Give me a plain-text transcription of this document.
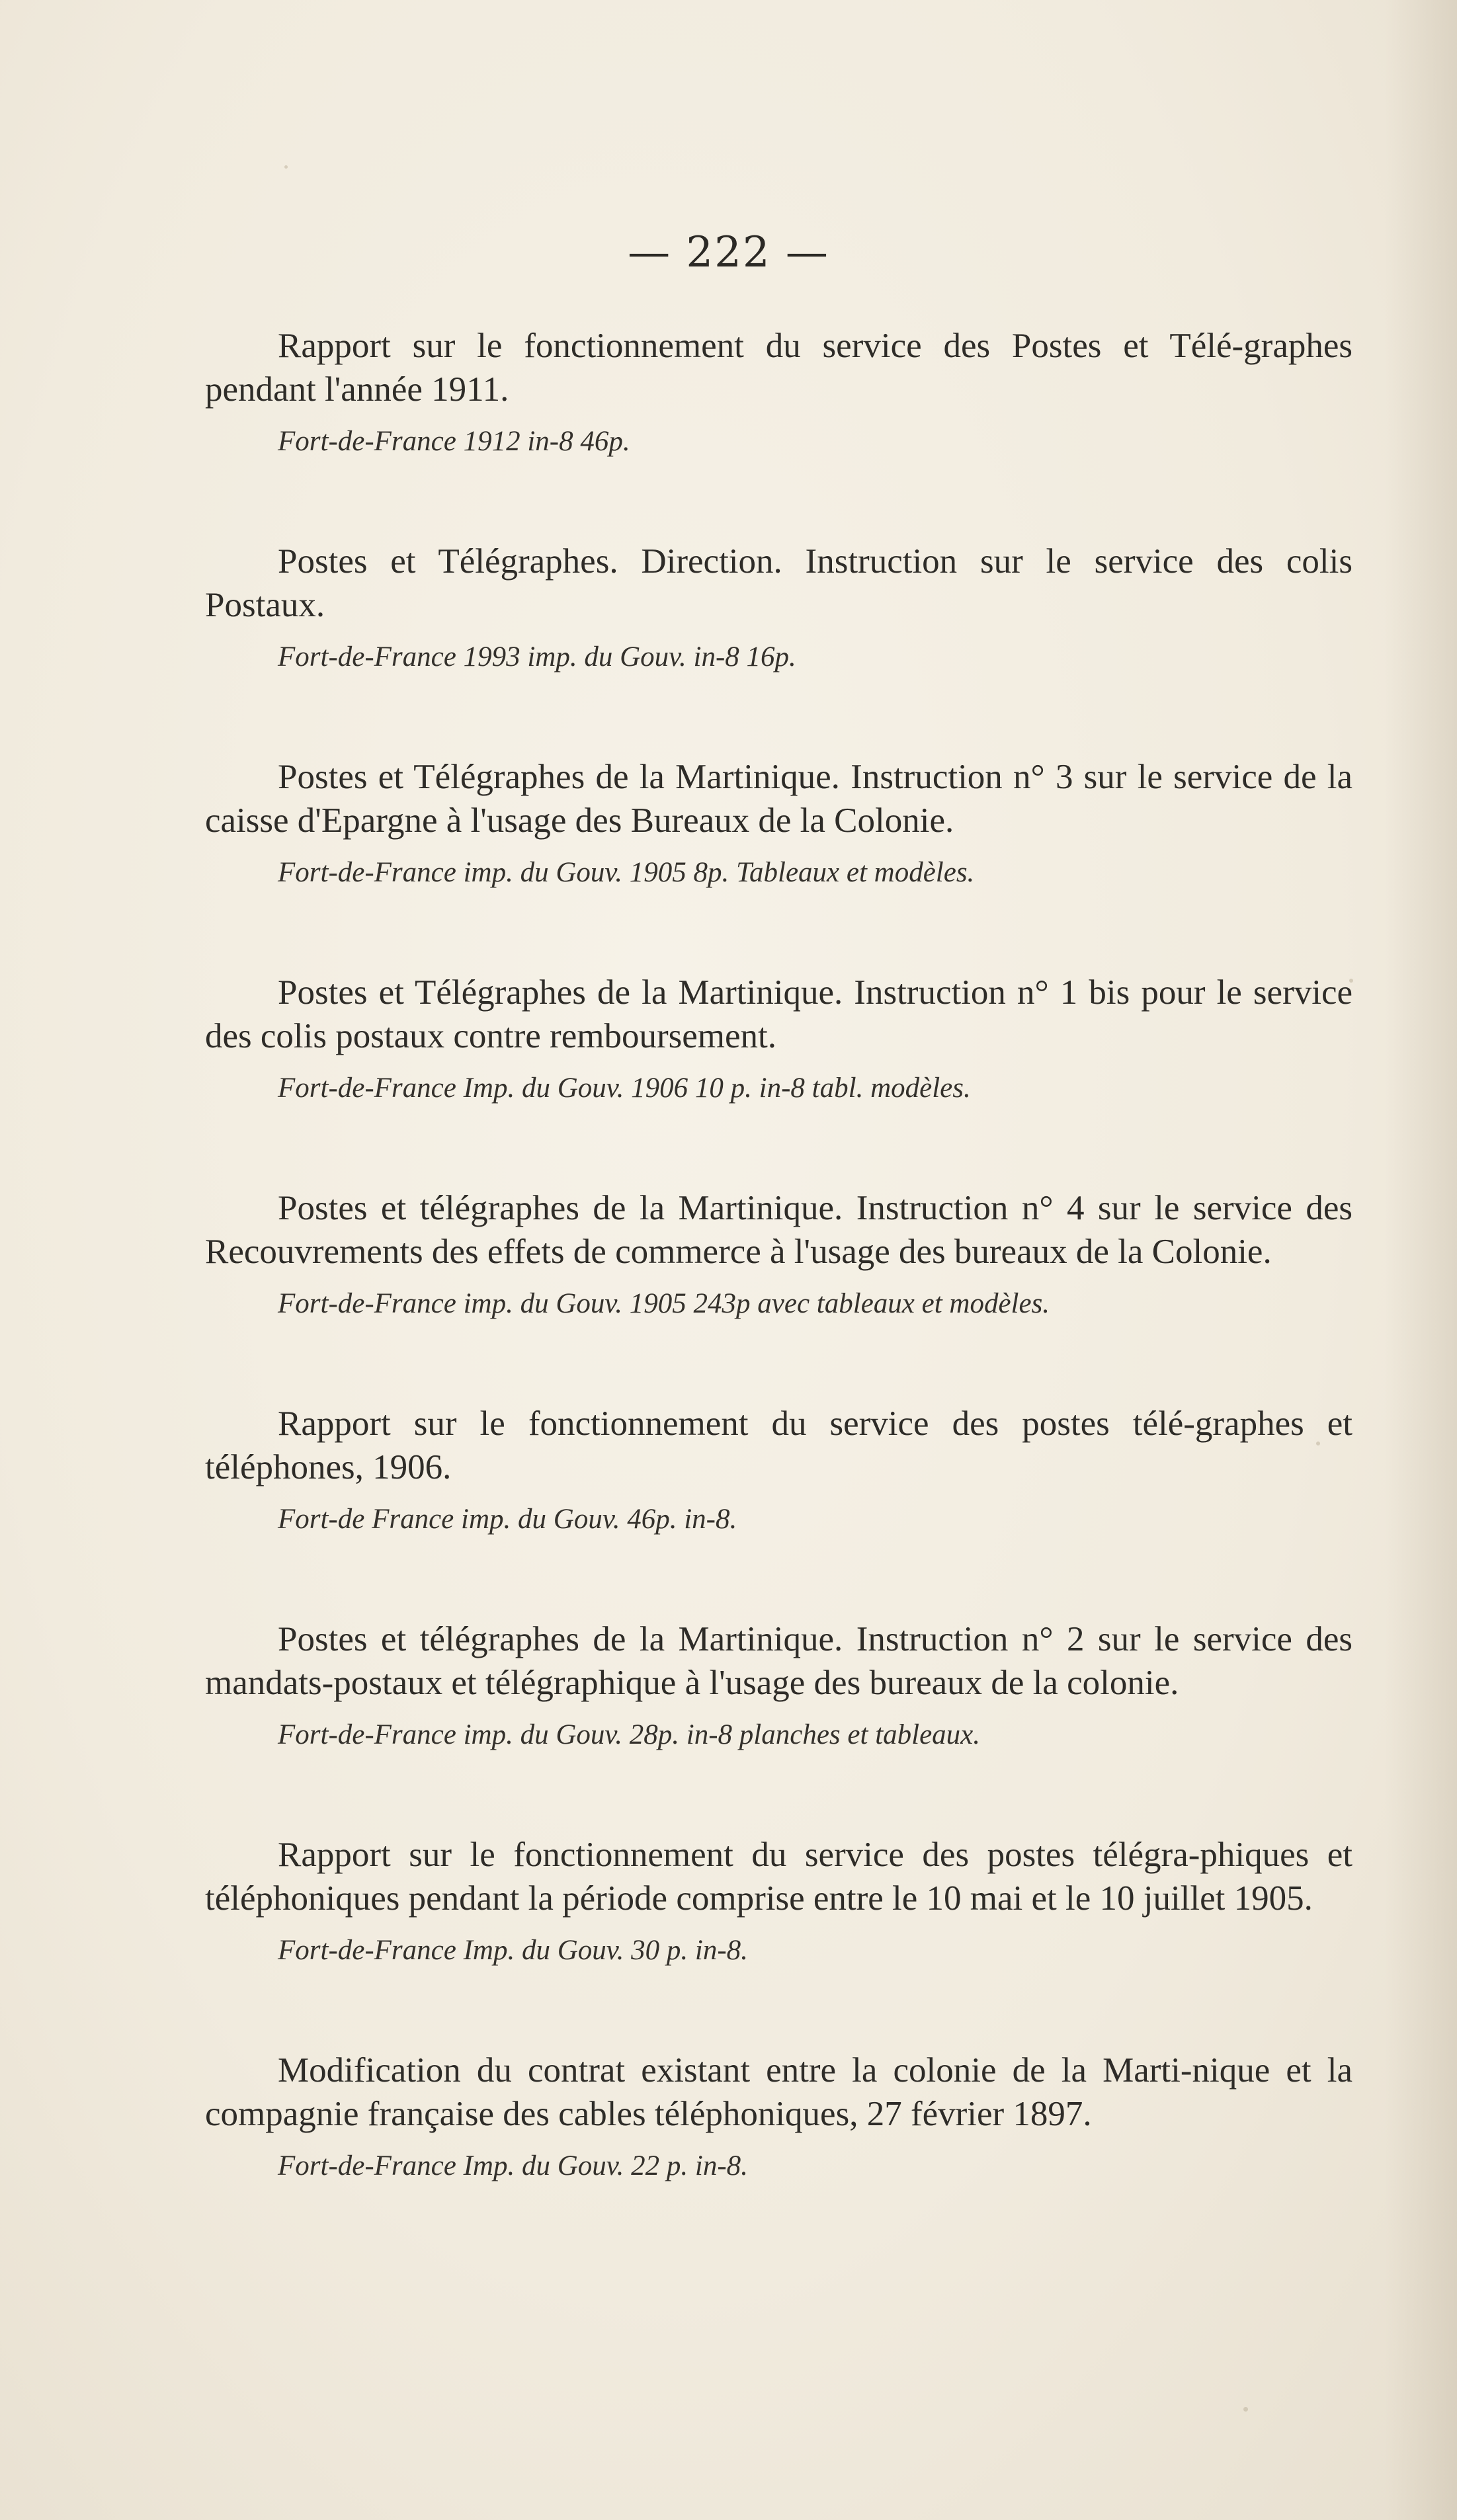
— 222 —

Rapport sur le fonctionnement du service des Postes et Télé-graphes pendant l'année 1911.

Fort-de-France 1912 in-8 46p.

Postes et Télégraphes. Direction. Instruction sur le service des colis Postaux.

Fort-de-France 1993 imp. du Gouv. in-8 16p.

Postes et Télégraphes de la Martinique. Instruction n° 3 sur le service de la caisse d'Epargne à l'usage des Bureaux de la Colonie.

Fort-de-France imp. du Gouv. 1905 8p. Tableaux et modèles.

Postes et Télégraphes de la Martinique. Instruction n° 1 bis pour le service des colis postaux contre remboursement.

Fort-de-France Imp. du Gouv. 1906 10 p. in-8 tabl. modèles.

Postes et télégraphes de la Martinique. Instruction n° 4 sur le service des Recouvrements des effets de commerce à l'usage des bureaux de la Colonie.

Fort-de-France imp. du Gouv. 1905 243p avec tableaux et modèles.

Rapport sur le fonctionnement du service des postes télé-graphes et téléphones, 1906.

Fort-de France imp. du Gouv. 46p. in-8.

Postes et télégraphes de la Martinique. Instruction n° 2 sur le service des mandats-postaux et télégraphique à l'usage des bureaux de la colonie.

Fort-de-France imp. du Gouv. 28p. in-8 planches et tableaux.

Rapport sur le fonctionnement du service des postes télégra-phiques et téléphoniques pendant la période comprise entre le 10 mai et le 10 juillet 1905.

Fort-de-France Imp. du Gouv. 30 p. in-8.

Modification du contrat existant entre la colonie de la Marti-nique et la compagnie française des cables téléphoniques, 27 février 1897.

Fort-de-France Imp. du Gouv. 22 p. in-8.
